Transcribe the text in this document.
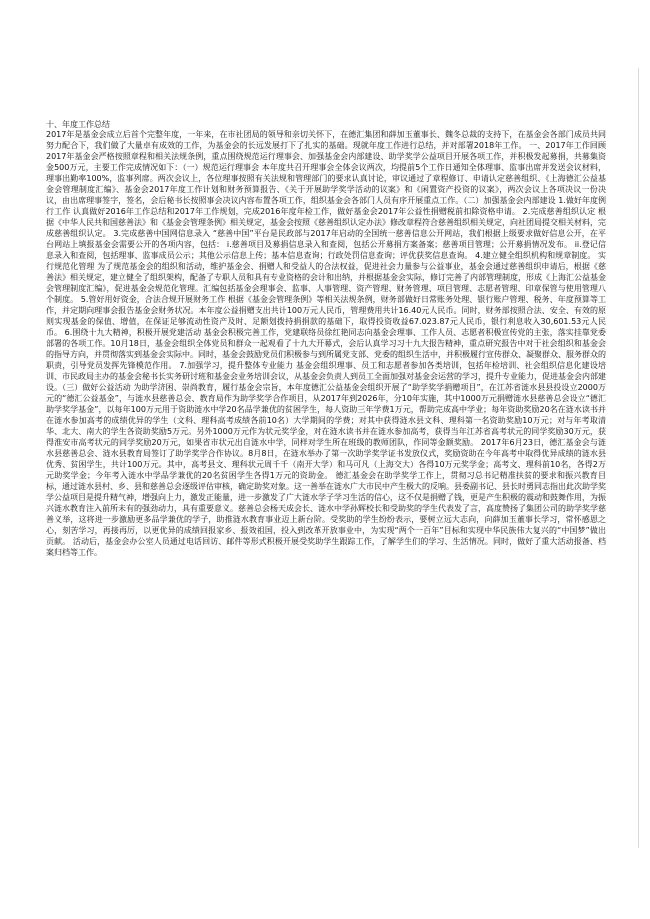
十、年度工作总结
2017年是基金会成立后首个完整年度，一年来，在市社团局的领导和亲切关怀下，在德汇集团和薛加玉董事长、魏冬总裁的支持下，在基金会各部门成员共同努力配合下，我们做了大量卓有成效的工作，为基金会的长远发展打下了扎实的基础。现就年度工作进行总结，并对部署2018年工作。 一、2017年工作回顾 2017年基金会严格按照章程和相关法规条例，重点围绕规范运行理事会、加强基金会内部建设、助学奖学公益项目开展各项工作，并积极发起募捐，共募集资金500万元，主要工作完成情况如下：（一）规范运行理事会 本年度共召开理事会全体会议两次，均提前5个工作日通知全体理事、监事出席并发送会议材料，理事出勤率100%，监事列席。两次会议上，各位理事按照有关法规和管理部门的要求认真讨论，审议通过了章程修订、申请认定慈善组织、《上海德汇公益基金会管理制度汇编》、基金会2017年度工作计划和财务预算报告、《关于开展助学奖学活动的议案》和《闲置资产投资的议案》，两次会议上各项决议一份决议，由出席理事签字，签名，会后秘书长按照事会决议内容布置各项工作，组织基金会各部门人员有序开展重点工作。（二）加强基金会内部建设 1.做好年度例行工作 认真做好2016年工作总结和2017年工作规划，完成2016年度年检工作，做好基金会2017年公益性捐赠税前扣除资格申请。 2.完成慈善组织认定 根据《中华人民共和国慈善法》和《基金会管理条例》相关规定，基金会按照《慈善组织认定办法》修改章程符合慈善组织相关规定，向社团局提交相关材料，完成慈善组织认定。 3.完成慈善中国网信息录入 “慈善中国”平台是民政部与2017年启动的全国统一慈善信息公开网站，我们根据上级要求做好信息公开，在平台网站上填报基金会需要公开的各项内容，包括： i.慈善项目及募捐信息录入和查阅，包括公开募捐方案备案；慈善项目管理；公开募捐情况发布。 ii.登记信息录入和查阅，包括理事、监事成员公示；其他公示信息上传；基本信息查询；行政处罚信息查询；评优获奖信息查询。 4.建立健全组织机构和规章制度。 实行规范化管理 为了规范基金会的组织和活动，维护基金会、捐赠人和受益人的合法权益，促进社会力量参与公益事业，基金会通过慈善组织申请后，根据《慈善法》相关规定，建立健全了组织架构，配备了专职人员和具有专业资格的会计和出纳，并根据基金会实际，修订完善了内部管理制度，形成《上海汇公益基金会管理制度汇编》，促进基金会规范化管理。汇编包括基金会理事会、监事、人事管理、资产管理、财务管理、项目管理、志愿者管理、印章保管与使用管理八个制度。 5.管好用好资金，合法合规开展财务工作 根据《基金会管理条例》等相关法规条例，财务部做好日常账务处理、银行账户管理、税务、年度预算等工作，并定期向理事会报告基金会财务状况。本年度公益捐赠支出共计100万元人民币，管理费用共计16.40元人民币。同时，财务部按照合法、安全、有效的原则实现基金的保值、增值，在保证足够流动性资产及时、足额划拨持捐捐款的基础下，取得投资收益67.023.87元人民币，银行利息收入30,601.53元人民币。 6.围绕十九大精神，积极开展党建活动 基金会积极完善工作，党建联络员徐红艳同志向基金会理事、工作人员、志愿者积极宣传党的主张，落实挂靠党委部署的各项工作。10月18日，基金会组织全体党员和群众一起观看了十九大开幕式，会后认真学习习十九大报告精神，重点研究报告中对于社会组织和基金会的指导方向，并贯彻落实到基金会实际中。同时，基金会鼓励党员们积极参与到所属党支部、党委的组织生活中，并积极履行宣传群众、凝聚群众、服务群众的职责，引导党员发挥先锋模范作用。 7.加强学习，提升整体专业能力 基金会组织理事、员工和志愿者参加各类培训，包括年检培训、社会组织信息化建设培训、市民政局主办的基金会秘书长实务研讨班和基金会业务培训会议，从基金会负责人到员工全面加强对基金会运营的学习，提升专业能力，促进基金会内部建设。（三）做好公益活动 为助学济困、崇尚教育，履行基金会宗旨，本年度德汇公益基金会组织开展了“助学奖学捐赠项目”，在江苏省涟水县县投设立2000万元的“德汇公益基金”，与涟水县慈善总会、教育局作为助学奖学合作项目，从2017年到2026年，分10年实施，其中1000万元捐赠涟水县慈善总会设立“德汇助学奖学基金”，以每年100万元用于资助涟水中学20名品学兼优的贫困学生，每人资助三年学费1万元，帮助完成高中学业；每年资助奖励20名在涟水读书并在涟水参加高考的成绩优异的学生（文科、理科高考成绩各前10名）大学期间的学费；对其中获得涟水县文科、理科第一名资助奖励10万元；对与年考取清华、北大、南大的学生各资助奖励5万元。另外1000万元作为状元奖学金，对在涟水读书并在涟水参加高考，获得当年江苏省高考状元的同学奖励30万元，获得淮安市高考状元的同学奖励20万元，如果省市状元出自涟水中学，同样对学生所在班级的教师团队，作同等金额奖励。 2017年6月23日，德汇基金会与涟水县慈善总会、涟水县教育局签订了助学奖学合作协议。8月8日，在涟水举办了第一次助学奖学证书发放仪式，奖励资助在今年高考中取得优异成绩的涟水县优秀、贫困学生，共计100万元。其中，高考县文、理科状元周千千（南开大学）和马可凡（上海交大）各得10万元奖学金；高考文、理科前10名，各得2万元助奖学金；今年考入涟水中学品学兼优的20名贫困学生各得1万元的资助金。 德汇基金会在助学奖学工作上，贯彻习总书记精准扶贫的要求和振兴教育目标，通过涟水县村、乡、县和慈善总会逐级评估审核，确定助奖对象。这一善举在涟水广大市民中产生极大的反响。县委副书记、县长时勇同志指出此次助学奖学公益项目是提升精气神，增强向上力，激发正能量，进一步激发了广大涟水学子学习生活的信心，这不仅是捐赠了钱，更是产生积极的震动和鼓舞作用，为振兴涟水教育注入前所未有的强劲动力，具有重要意义。慈善总会杨天成会长、涟水中学孙辉校长和受助奖的学生代表发了言，高度赞扬了集团公司的助学奖学慈善义举，这将进一步激励更多品学兼优的学子，助推涟水教育事业迈上新台阶。受奖助的学生纷纷表示，要树立远大志向，向薛加玉董事长学习，常怀感恩之心，刻苦学习，再接再厉，以更优异的成绩回报家乡、报效祖国，投入到改革开放事业中，为实现“两个一百年”目标和实现中华民族伟大复兴的“中国梦”做出贡献。 活动后，基金会办公室人员通过电话回访、邮件等形式积极开展受奖助学生跟踪工作，了解学生们的学习、生活情况。同时，做好了重大活动报备、档案归档等工作。
